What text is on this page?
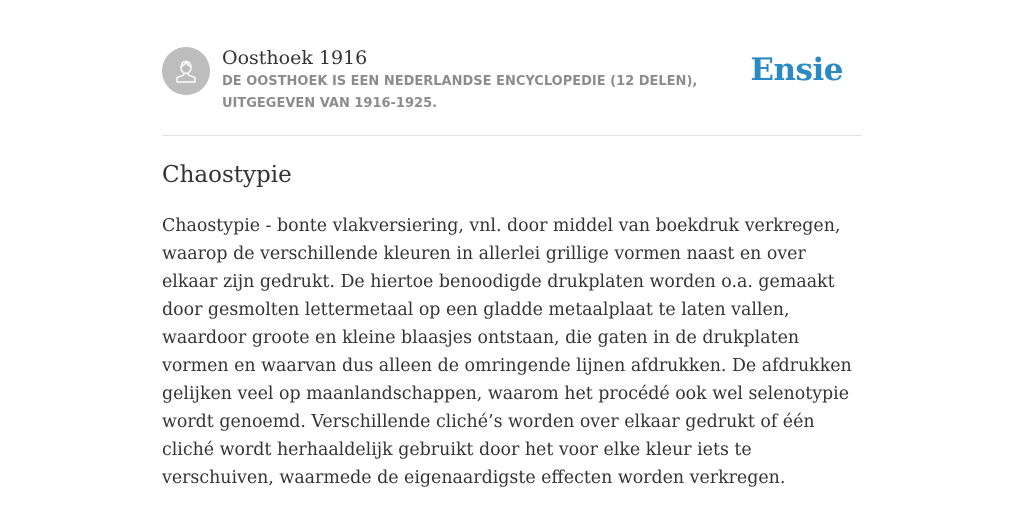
Oosthoek 1916

DE OOSTHOEK IS EEN NEDERLANDSE ENCYCLOPEDIE (12 DELEN), UITGEGEVEN VAN 1916-1925.

Ensie
Chaostypie

Chaostypie - bonte vlakversiering, vnl. door middel van boekdruk verkregen, waarop de verschillende kleuren in allerlei grillige vormen naast en over elkaar zijn gedrukt. De hiertoe benoodigde drukplaten worden o.a. gemaakt door gesmolten lettermetaal op een gladde metaalplaat te laten vallen, waardoor groote en kleine blaasjes ontstaan, die gaten in de drukplaten vormen en waarvan dus alleen de omringende lijnen afdrukken. De afdrukken gelijken veel op maanlandschappen, waarom het procédé ook wel selenotypie wordt genoemd. Verschillende cliché’s worden over elkaar gedrukt of één cliché wordt herhaaldelijk gebruikt door het voor elke kleur iets te verschuiven, waarmede de eigenaardigste effecten worden verkregen.
